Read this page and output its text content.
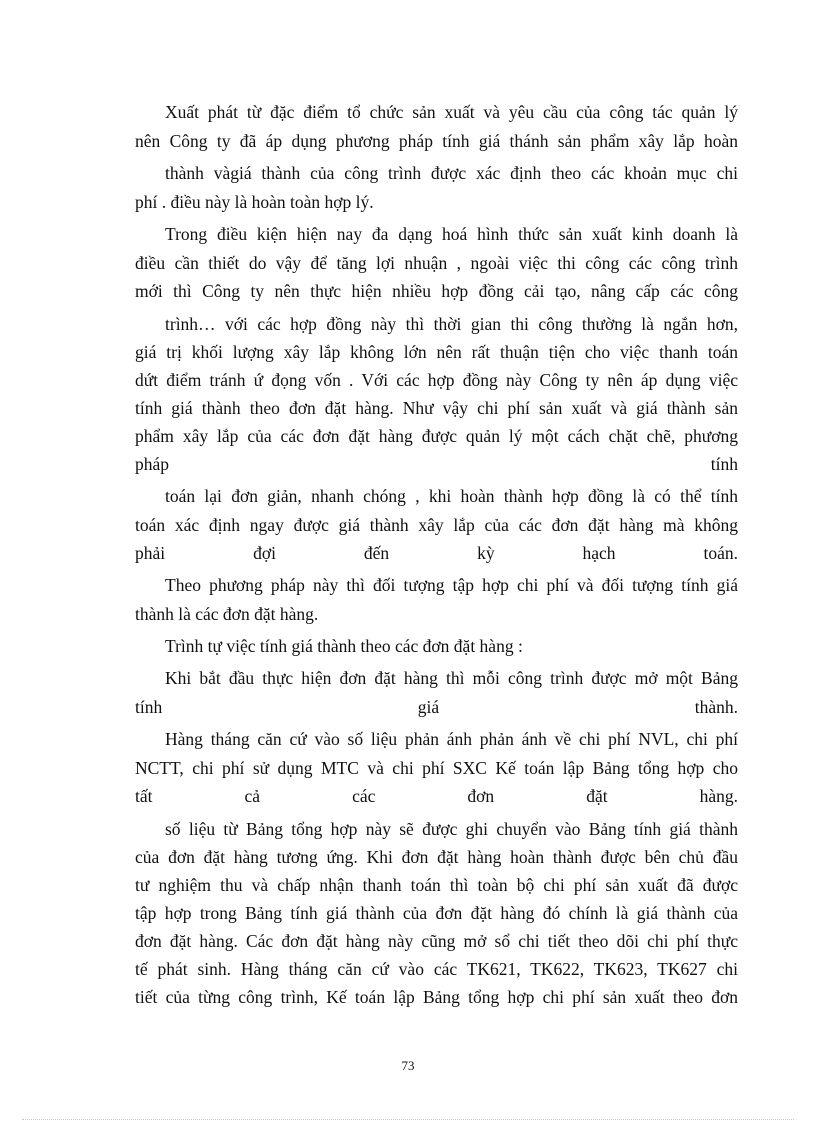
Xuất phát từ đặc điểm tổ chức sản xuất và yêu cầu của công tác quản lý
nên Công ty đã áp dụng phương pháp tính giá thánh sản phẩm xây lắp hoàn
thành vàgiá thành của công trình được xác định theo các khoản mục chi
phí . điều này là hoàn toàn hợp lý.
Trong điều kiện hiện nay đa dạng hoá hình thức sản xuất kinh doanh là
điều cần thiết do vậy để tăng lợi nhuận , ngoài việc thi công các công trình
mới thì Công ty nên thực hiện nhiều hợp đồng cải tạo, nâng cấp các công
trình… với các hợp đồng này thì thời gian thi công thường là ngắn hơn,
giá trị khối lượng xây lắp không lớn nên rất thuận tiện cho việc thanh toán
dứt điểm tránh ứ đọng vốn . Với các hợp đồng này Công ty nên áp dụng việc
tính giá thành theo đơn đặt hàng. Như vậy chi phí sản xuất và giá thành sản
phẩm xây lắp của các đơn đặt hàng được quản lý một cách chặt chẽ, phương
pháp tính
toán lại đơn giản, nhanh chóng , khi hoàn thành hợp đồng là có thể tính
toán xác định ngay được giá thành xây lắp của các đơn đặt hàng mà không
phải đợi đến kỳ hạch toán.
Theo phương pháp này thì đối tượng tập hợp chi phí và đối tượng tính giá
thành là các đơn đặt hàng.
Trình tự việc tính giá thành theo các đơn đặt hàng :
Khi bắt đầu thực hiện đơn đặt hàng thì mỗi công trình được mở một Bảng
tính giá thành.
Hàng tháng căn cứ vào số liệu phản ánh phản ánh về chi phí NVL, chi phí
NCTT, chi phí sử dụng MTC và chi phí SXC Kế toán lập Bảng tổng hợp cho
tất cả các đơn đặt hàng.
số liệu từ Bảng tổng hợp này sẽ được ghi chuyển vào Bảng tính giá thành
của đơn đặt hàng tương ứng. Khi đơn đặt hàng hoàn thành được bên chủ đầu
tư nghiệm thu và chấp nhận thanh toán thì toàn bộ chi phí sản xuất đã được
tập hợp trong Bảng tính giá thành của đơn đặt hàng đó chính là giá thành của
đơn đặt hàng. Các đơn đặt hàng này cũng mở sổ chi tiết theo dõi chi phí thực
tế phát sinh. Hàng tháng căn cứ vào các TK621, TK622, TK623, TK627 chi
tiết của từng công trình, Kế toán lập Bảng tổng hợp chi phí sản xuất theo đơn
73
